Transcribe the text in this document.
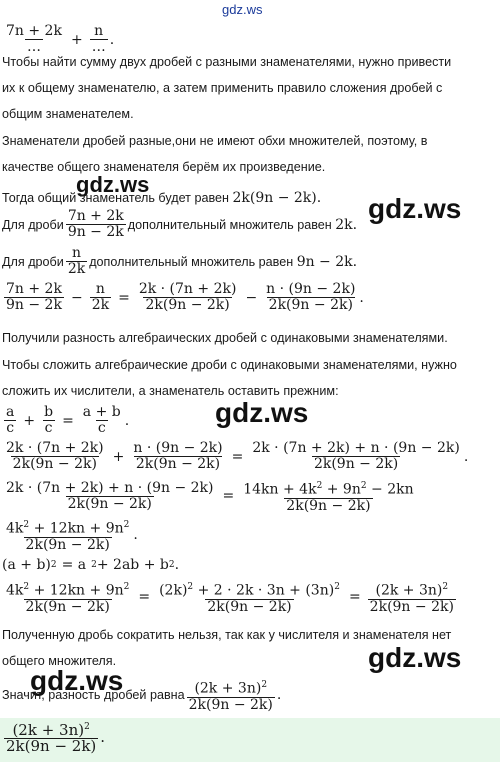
gdz.ws
gdz.ws
gdz.ws
gdz.ws
gdz.ws
gdz.ws
$\frac{7n + 2k}{\dots} + \frac{n}{\dots}$ .
Чтобы найти сумму двух дробей с разными знаменателями, нужно привести
их к общему знаменателю, а затем применить правило сложения дробей с
общим знаменателем.
Знаменатели дробей разные,они не имеют обхи множителей, поэтому, в
качестве общего знаменателя берём их произведение.
Тогда общий знаменатель будет равен 2k(9n − 2k).
Для дроби $\frac{7n + 2k}{9n - 2k}$ дополнительный множитель равен
2k.
Для дроби $\frac{n}{2k}$ дополнительный множитель равен
9n − 2k.
$\frac{7n + 2k}{9n - 2k} - \frac{n}{2k} = \frac{2k \cdot (7n + 2k)}{2k(9n - 2k)} - \frac{n \cdot (9n - 2k)}{2k(9n - 2k)}$ .
Получили разность алгебраических дробей с одинаковыми знаменателями.
Чтобы сложить алгебраические дроби с одинаковыми знаменателями, нужно
сложить их числители, а знаменатель оставить прежним:
$\frac{a}{c} + \frac{b}{c} = \frac{a + b}{c}$ .
$\frac{2k \cdot (7n + 2k)}{2k(9n - 2k)} + \frac{n \cdot (9n - 2k)}{2k(9n - 2k)} = \frac{2k \cdot (7n + 2k) + n \cdot (9n - 2k)}{2k(9n - 2k)}$ .
$\frac{2k \cdot (7n + 2k) + n \cdot (9n - 2k)}{2k(9n - 2k)} = \frac{14kn + 4k^2 + 9n^2 - 2kn}{2k(9n - 2k)}$
$\frac{4k^2 + 12kn + 9n^2}{2k(9n - 2k)}$ .
(a + b) 2 = a 2 + 2ab + b 2 .
$\frac{4k^2 + 12kn + 9n^2}{2k(9n - 2k)} = \frac{(2k)^2 + 2 \cdot 2k \cdot 3n + (3n)^2}{2k(9n - 2k)} = \frac{(2k + 3n)^2}{2k(9n - 2k)}$
Полученную дробь сократить нельзя, так как у числителя и знаменателя нет
общего множителя.
Значит, разность дробей равна $\frac{(2k + 3n)^2}{2k(9n - 2k)}$ .
$\frac{(2k + 3n)^2}{2k(9n - 2k)}$ .
